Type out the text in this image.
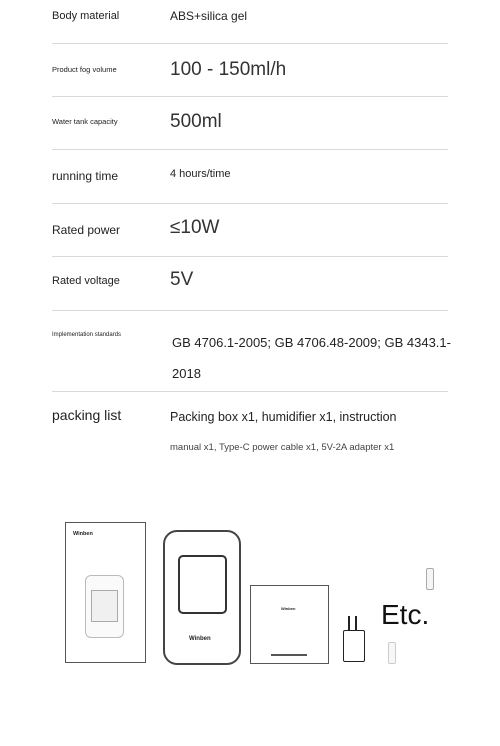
Body material	ABS+silica gel
Product fog volume	100 - 150ml/h
Water tank capacity	500ml
running time	4 hours/time
Rated power	≤10W
Rated voltage	5V
Implementation standards	GB 4706.1-2005; GB 4706.48-2009; GB 4343.1-2018
packing list	Packing box x1, humidifier x1, instruction
manual x1, Type-C power cable x1, 5V-2A adapter x1
Winben
Winben
Winben	Etc.
